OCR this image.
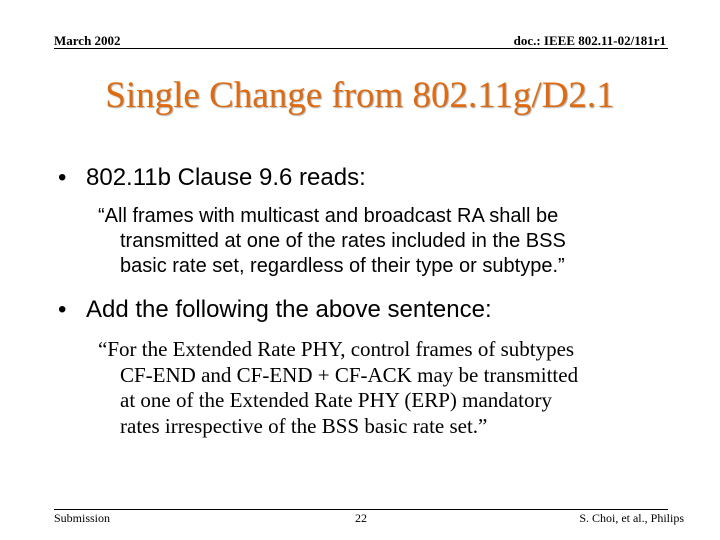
March 2002	doc.: IEEE 802.11-02/181r1
Single Change from 802.11g/D2.1
• 802.11b Clause 9.6 reads:
“All frames with multicast and broadcast RA shall be
transmitted at one of the rates included in the BSS
basic rate set, regardless of their type or subtype.”
• Add the following the above sentence:
“For the Extended Rate PHY, control frames of subtypes
CF-END and CF-END + CF-ACK may be transmitted
at one of the Extended Rate PHY (ERP) mandatory
rates irrespective of the BSS basic rate set.”
Submission	22	S. Choi, et al., Philips
